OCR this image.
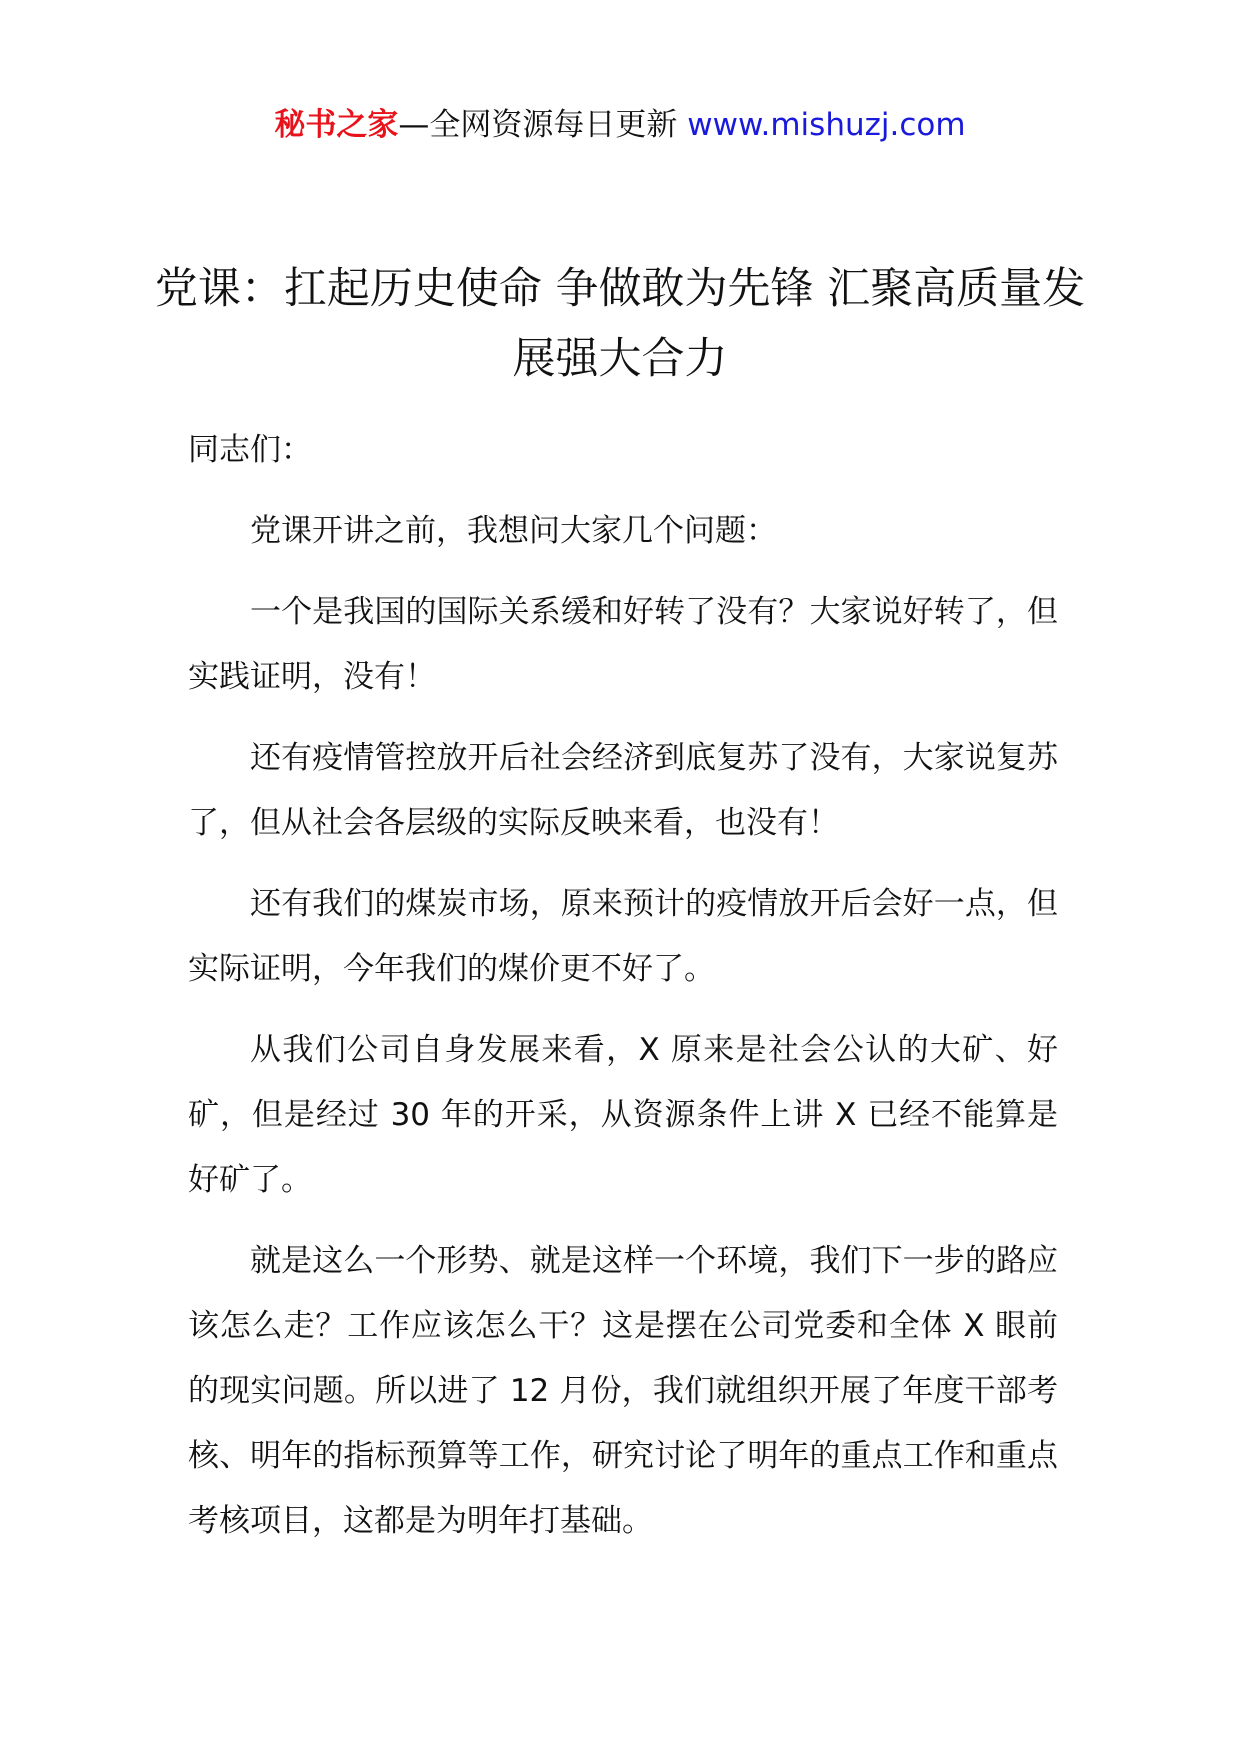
秘书之家—全网资源每日更新 www.mishuzj.com
党课：扛起历史使命 争做敢为先锋 汇聚高质量发展强大合力

同志们：

党课开讲之前，我想问大家几个问题：

一个是我国的国际关系缓和好转了没有？大家说好转了，但实践证明，没有！

还有疫情管控放开后社会经济到底复苏了没有，大家说复苏了，但从社会各层级的实际反映来看，也没有！

还有我们的煤炭市场，原来预计的疫情放开后会好一点，但实际证明，今年我们的煤价更不好了。

从我们公司自身发展来看，X 原来是社会公认的大矿、好矿，但是经过 30 年的开采，从资源条件上讲 X 已经不能算是好矿了。

就是这么一个形势、就是这样一个环境，我们下一步的路应该怎么走？工作应该怎么干？这是摆在公司党委和全体 X 眼前的现实问题。所以进了 12 月份，我们就组织开展了年度干部考核、明年的指标预算等工作，研究讨论了明年的重点工作和重点考核项目，这都是为明年打基础。
